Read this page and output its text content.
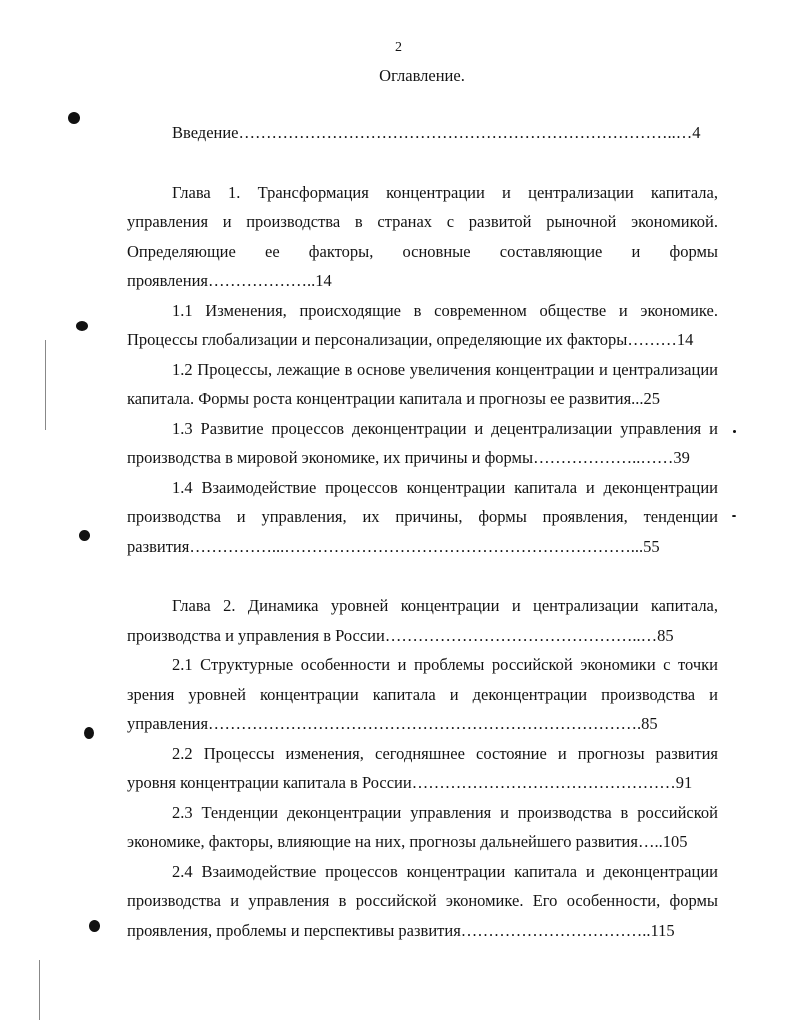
2
Оглавление.

Введение……………………………………………………………………..…4

Глава 1. Трансформация концентрации и централизации капитала, управления и производства в странах с развитой рыночной экономикой. Определяющие ее факторы, основные составляющие и формы проявления………………..14

1.1 Изменения, происходящие в современном обществе и экономике. Процессы глобализации и персонализации, определяющие их факторы………14

1.2 Процессы, лежащие в основе увеличения концентрации и централизации капитала. Формы роста концентрации капитала и прогнозы ее развития...25

1.3 Развитие процессов деконцентрации и децентрализации управления и производства в мировой экономике, их причины и формы………………..……39

1.4 Взаимодействие процессов концентрации капитала и деконцентрации производства и управления, их причины, формы проявления, тенденции развития……………...………………………………………………………...55

Глава 2. Динамика уровней концентрации и централизации капитала, производства и управления в России………………………………………..…85

2.1 Структурные особенности и проблемы российской экономики с точки зрения уровней концентрации капитала и деконцентрации производства и управления…………………………………………………………………….85

2.2 Процессы изменения, сегодняшнее состояние и прогнозы развития уровня концентрации капитала в России…………………………………………91

2.3 Тенденции деконцентрации управления и производства в российской экономике, факторы, влияющие на них, прогнозы дальнейшего развития…..105

2.4 Взаимодействие процессов концентрации капитала и деконцентрации производства и управления в российской экономике. Его особенности, формы проявления, проблемы и перспективы развития……………………………..115
